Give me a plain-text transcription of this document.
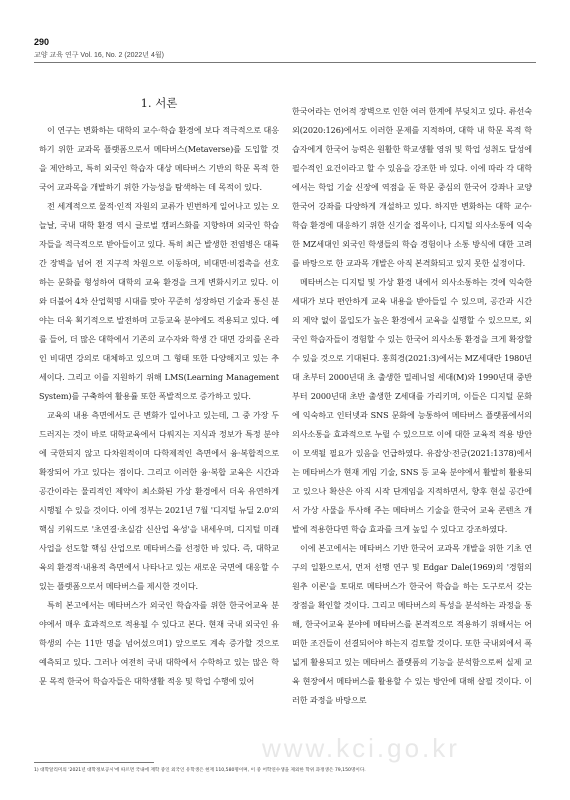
290
교양 교육 연구 Vol. 16, No. 2 (2022년 4월)
1. 서론

이 연구는 변화하는 대학의 교수·학습 환경에 보다 적극적으로 대응하기 위한 교과목 플랫폼으로서 메타버스(Metaverse)를 도입할 것을 제안하고, 특히 외국인 학습자 대상 메타버스 기반의 학문 목적 한국어 교과목을 개발하기 위한 가능성을 탐색하는 데 목적이 있다.

전 세계적으로 물적·인적 자원의 교류가 빈번하게 일어나고 있는 오늘날, 국내 대학 환경 역시 글로벌 캠퍼스화를 지향하며 외국인 학습자들을 적극적으로 받아들이고 있다. 특히 최근 발생한 전염병은 대륙 간 장벽을 넘어 전 지구적 차원으로 이동하며, 비대면·비접촉을 선호하는 문화를 형성하여 대학의 교육 환경을 크게 변화시키고 있다. 이와 더불어 4차 산업혁명 시대를 맞아 꾸준히 성장하던 기술과 통신 분야는 더욱 획기적으로 발전하며 고등교육 분야에도 적용되고 있다. 예를 들어, 더 많은 대학에서 기존의 교수자와 학생 간 대면 강의를 온라인 비대면 강의로 대체하고 있으며 그 형태 또한 다양해지고 있는 추세이다. 그리고 이를 지원하기 위해 LMS(Learning Management System)를 구축하여 활용률 또한 폭발적으로 증가하고 있다.

교육의 내용 측면에서도 큰 변화가 일어나고 있는데, 그 중 가장 두드러지는 것이 바로 대학교육에서 다뤄지는 지식과 정보가 특정 분야에 국한되지 않고 다차원적이며 다학제적인 측면에서 융·복합적으로 확장되어 가고 있다는 점이다. 그리고 이러한 융·복합 교육은 시간과 공간이라는 물리적인 제약이 최소화된 가상 환경에서 더욱 유연하게 시행될 수 있을 것이다. 이에 정부는 2021년 7월 '디지털 뉴딜 2.0'의 핵심 키워드로 '초연결·초실감 신산업 육성'을 내세우며, 디지털 미래 사업을 선도할 핵심 산업으로 메타버스를 선정한 바 있다. 즉, 대학교육의 환경적·내용적 측면에서 나타나고 있는 새로운 국면에 대응할 수 있는 플랫폼으로서 메타버스를 제시한 것이다.

특히 본고에서는 메타버스가 외국인 학습자를 위한 한국어교육 분야에서 매우 효과적으로 적용될 수 있다고 본다. 현재 국내 외국인 유학생의 수는 11만 명을 넘어섰으며1) 앞으로도 계속 증가할 것으로 예측되고 있다. 그러나 여전히 국내 대학에서 수학하고 있는 많은 학문 목적 한국어 학습자들은 대학생활 적응 및 학업 수행에 있어

한국어라는 언어적 장벽으로 인한 여러 한계에 부딪치고 있다. 류선숙 외(2020:126)에서도 이러한 문제를 지적하며, 대학 내 학문 목적 학습자에게 한국어 능력은 원활한 학교생활 영위 및 학업 성취도 달성에 필수적인 요건이라고 할 수 있음을 강조한 바 있다. 이에 따라 각 대학에서는 학업 기술 신장에 역점을 둔 학문 중심의 한국어 강좌나 교양한국어 강좌를 다양하게 개설하고 있다. 하지만 변화하는 대학 교수·학습 환경에 대응하기 위한 신기술 접목이나, 디지털 의사소통에 익숙한 MZ세대인 외국인 학생들의 학습 경험이나 소통 방식에 대한 고려를 바탕으로 한 교과목 개발은 아직 본격화되고 있지 못한 실정이다.

메타버스는 디지털 및 가상 환경 내에서 의사소통하는 것에 익숙한 세대가 보다 편안하게 교육 내용을 받아들일 수 있으며, 공간과 시간의 제약 없이 몰입도가 높은 환경에서 교육을 실행할 수 있으므로, 외국인 학습자들이 경험할 수 있는 한국어 의사소통 환경을 크게 확장할 수 있을 것으로 기대된다. 홍희경(2021:3)에서는 MZ세대란 1980년대 초부터 2000년대 초 출생한 밀레니얼 세대(M)와 1990년대 중반부터 2000년대 초반 출생한 Z세대를 가리키며, 이들은 디지털 문화에 익숙하고 인터넷과 SNS 문화에 능통하여 메타버스 플랫폼에서의 의사소통을 효과적으로 누릴 수 있으므로 이에 대한 교육적 적용 방안이 모색될 필요가 있음을 언급하였다. 유잡상·전긍(2021:1378)에서는 메타버스가 현재 게임 기술, SNS 등 교육 분야에서 활발히 활용되고 있으나 확산은 아직 시작 단계임을 지적하면서, 향후 현실 공간에서 가상 사물을 투사해 주는 메타버스 기술을 한국어 교육 콘텐츠 개발에 적용한다면 학습 효과를 크게 높일 수 있다고 강조하였다.

이에 본고에서는 메타버스 기반 한국어 교과목 개발을 위한 기초 연구의 일환으로서, 먼저 선행 연구 및 Edgar Dale(1969)의 '경험의 원추 이론'을 토대로 메타버스가 한국어 학습을 하는 도구로서 갖는 장점을 확인할 것이다. 그리고 메타버스의 특성을 분석하는 과정을 통해, 한국어교육 분야에 메타버스를 본격적으로 적용하기 위해서는 어떠한 조건들이 선결되어야 하는지 검토할 것이다. 또한 국내외에서 폭넓게 활용되고 있는 메타버스 플랫폼의 기능을 분석함으로써 실제 교육 현장에서 메타버스를 활용할 수 있는 방안에 대해 살필 것이다. 이러한 과정을 바탕으로

www.kci.go.kr
1) 대학알리미의 '2021년 대학정보공시'에 따르면 국내에 재학 중인 외국인 유학생은 현재 110,580명이며, 이 중 어학연수생을 제외한 학위 과정생은 79,150명이다.
